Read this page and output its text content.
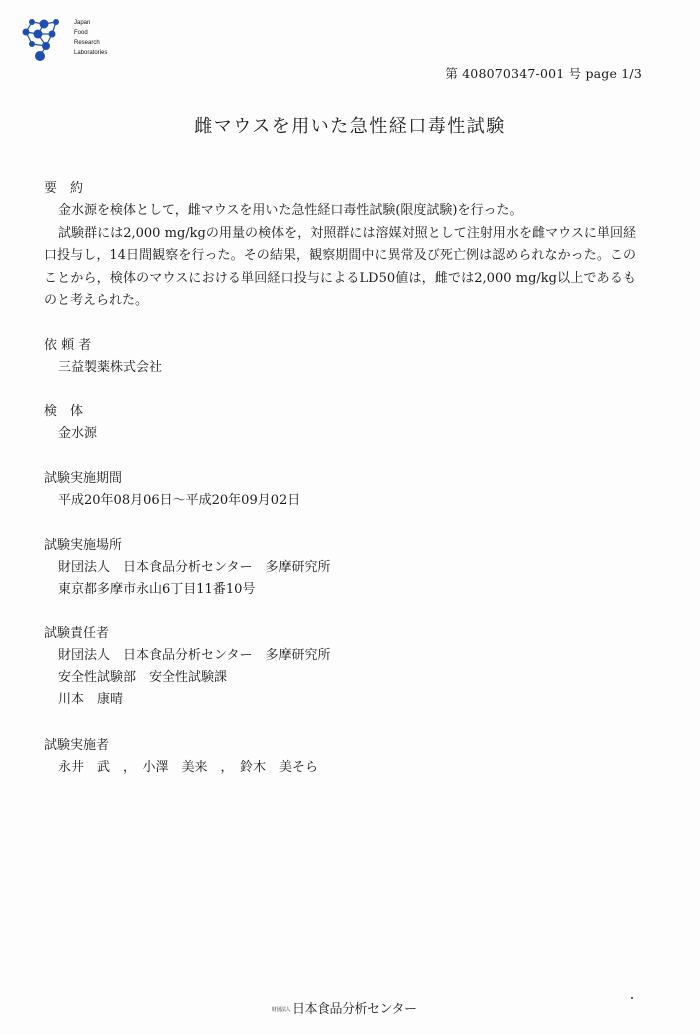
Japan
Food
Research
Laboratories
第 408070347-001 号 page 1/3
雌マウスを用いた急性経口毒性試験
要　約

金水源を検体として，雌マウスを用いた急性経口毒性試験(限度試験)を行った。

試験群には2,000 mg/kgの用量の検体を，対照群には溶媒対照として注射用水を雌マウスに単回経口投与し，14日間観察を行った。その結果，観察期間中に異常及び死亡例は認められなかった。このことから，検体のマウスにおける単回経口投与によるLD50値は，雌では2,000 mg/kg以上であるものと考えられた。

依 頼 者
三益製薬株式会社
検　体
金水源
試験実施期間
平成20年08月06日～平成20年09月02日
試験実施場所
財団法人　日本食品分析センター　多摩研究所
東京都多摩市永山6丁目11番10号
試験責任者
財団法人　日本食品分析センター　多摩研究所
安全性試験部　安全性試験課
川本　康晴
試験実施者
永井　武　，　小澤　美来　，　鈴木　美そら
財団法人 日本食品分析センター
